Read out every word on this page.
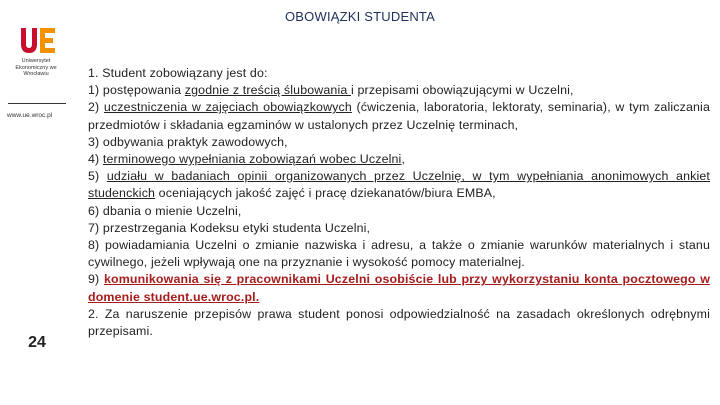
OBOWIĄZKI STUDENTA
Uniwersytet Ekonomiczny we Wrocławiu
www.ue.wroc.pl
24

1. Student zobowiązany jest do:

1) postępowania zgodnie z treścią ślubowania i przepisami obowiązującymi w Uczelni,

2) uczestniczenia w zajęciach obowiązkowych (ćwiczenia, laboratoria, lektoraty, seminaria), w tym zaliczania przedmiotów i składania egzaminów w ustalonych przez Uczelnię terminach,

3) odbywania praktyk zawodowych,

4) terminowego wypełniania zobowiązań wobec Uczelni,

5) udziału w badaniach opinii organizowanych przez Uczelnię, w tym wypełniania anonimowych ankiet studenckich oceniających jakość zajęć i pracę dziekanatów/biura EMBA,

6) dbania o mienie Uczelni,

7) przestrzegania Kodeksu etyki studenta Uczelni,

8) powiadamiania Uczelni o zmianie nazwiska i adresu, a także o zmianie warunków materialnych i stanu cywilnego, jeżeli wpływają one na przyznanie i wysokość pomocy materialnej.

9) komunikowania się z pracownikami Uczelni osobiście lub przy wykorzystaniu konta pocztowego w domenie student.ue.wroc.pl.

2. Za naruszenie przepisów prawa student ponosi odpowiedzialność na zasadach określonych odrębnymi przepisami.
